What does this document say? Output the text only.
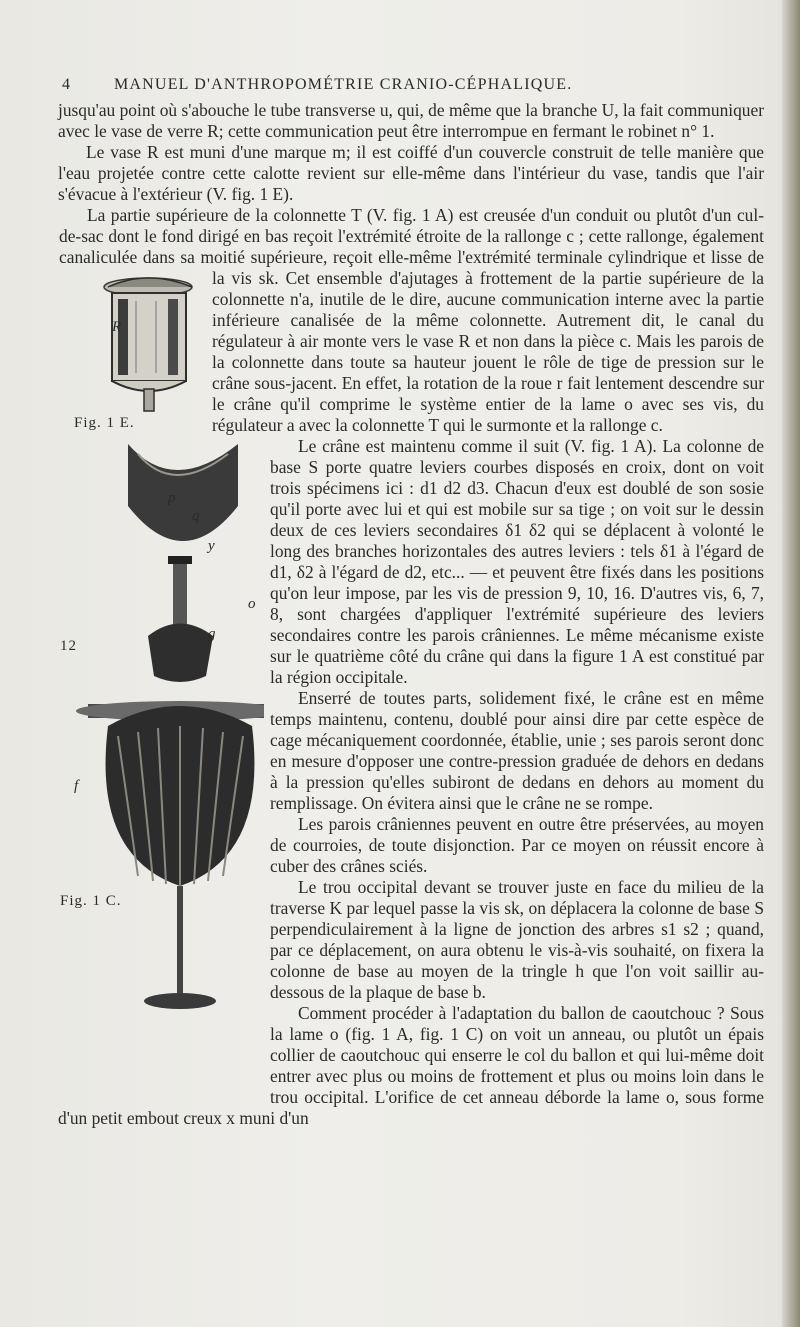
4	MANUEL D'ANTHROPOMÉTRIE CRANIO-CÉPHALIQUE.

jusqu'au point où s'abouche le tube transverse u, qui, de même que la branche U, la fait communiquer avec le vase de verre R; cette communication peut être interrompue en fermant le robinet n° 1.

Le vase R est muni d'une marque m; il est coiffé d'un couvercle construit de telle manière que l'eau projetée contre cette calotte revient sur elle-même dans l'intérieur du vase, tandis que l'air s'évacue à l'extérieur (V. fig. 1 E).

R
Fig. 1 E.

La partie supérieure de la colonnette T (V. fig. 1 A) est creusée d'un conduit ou plutôt d'un cul-de-sac dont le fond dirigé en bas reçoit l'extrémité étroite de la rallonge c ; cette rallonge, également canaliculée dans sa moitié supérieure, reçoit elle-même l'extrémité terminale cylindrique et lisse de la vis sk. Cet ensemble d'ajutages à frottement de la partie supérieure de la colonnette n'a, inutile de le dire, aucune communication interne avec la partie inférieure canalisée de la même colonnette. Autrement dit, le canal du régulateur à air monte vers le vase R et non dans la pièce c. Mais les parois de la colonnette dans toute sa hauteur jouent le rôle de tige de pression sur le crâne sous-jacent. En effet, la rotation de la roue r fait lentement descendre sur le crâne qu'il comprime le système entier de la lame o avec ses vis, du régulateur a avec la colonnette T qui le surmonte et la rallonge c.

p
q
y
o
g
12
f
Fig. 1 C.

Le crâne est maintenu comme il suit (V. fig. 1 A). La colonne de base S porte quatre leviers courbes disposés en croix, dont on voit trois spécimens ici : d1 d2 d3. Chacun d'eux est doublé de son sosie qu'il porte avec lui et qui est mobile sur sa tige ; on voit sur le dessin deux de ces leviers secondaires δ1 δ2 qui se déplacent à volonté le long des branches horizontales des autres leviers : tels δ1 à l'égard de d1, δ2 à l'égard de d2, etc... — et peuvent être fixés dans les positions qu'on leur impose, par les vis de pression 9, 10, 16. D'autres vis, 6, 7, 8, sont chargées d'appliquer l'extrémité supérieure des leviers secondaires contre les parois crâniennes. Le même mécanisme existe sur le quatrième côté du crâne qui dans la figure 1 A est constitué par la région occipitale.

Enserré de toutes parts, solidement fixé, le crâne est en même temps maintenu, contenu, doublé pour ainsi dire par cette espèce de cage mécaniquement coordonnée, établie, unie ; ses parois seront donc en mesure d'opposer une contre-pression graduée de dehors en dedans à la pression qu'elles subiront de dedans en dehors au moment du remplissage. On évitera ainsi que le crâne ne se rompe.

Les parois crâniennes peuvent en outre être préservées, au moyen de courroies, de toute disjonction. Par ce moyen on réussit encore à cuber des crânes sciés.

Le trou occipital devant se trouver juste en face du milieu de la traverse K par lequel passe la vis sk, on déplacera la colonne de base S perpendiculairement à la ligne de jonction des arbres s1 s2 ; quand, par ce déplacement, on aura obtenu le vis-à-vis souhaité, on fixera la colonne de base au moyen de la tringle h que l'on voit saillir au-dessous de la plaque de base b.

Comment procéder à l'adaptation du ballon de caoutchouc ? Sous la lame o (fig. 1 A, fig. 1 C) on voit un anneau, ou plutôt un épais collier de caoutchouc qui enserre le col du ballon et qui lui-même doit entrer avec plus ou moins de frottement et plus ou moins loin dans le trou occipital. L'orifice de cet anneau déborde la lame o, sous forme d'un petit embout creux x muni d'un
